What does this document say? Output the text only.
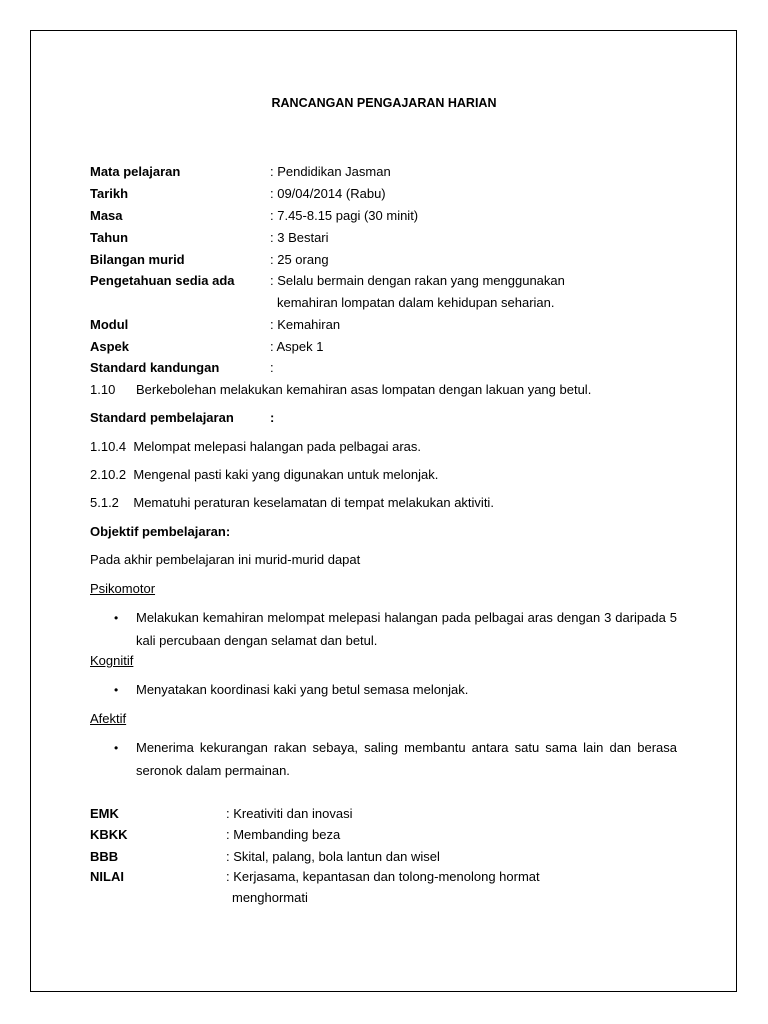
RANCANGAN PENGAJARAN HARIAN
Mata pelajaran	: Pendidikan Jasman
Tarikh	: 09/04/2014 (Rabu)
Masa	: 7.45-8.15 pagi (30 minit)
Tahun	: 3 Bestari
Bilangan murid	: 25 orang
Pengetahuan sedia ada	: Selalu bermain dengan rakan yang menggunakan
kemahiran lompatan dalam kehidupan seharian.
Modul	: Kemahiran
Aspek	: Aspek 1
Standard kandungan	:
1.10 Berkebolehan melakukan kemahiran asas lompatan dengan lakuan yang betul.
Standard pembelajaran	:
1.10.4  Melompat melepasi halangan pada pelbagai aras.
2.10.2  Mengenal pasti kaki yang digunakan untuk melonjak.
5.1.2    Mematuhi peraturan keselamatan di tempat melakukan aktiviti.
Objektif pembelajaran:
Pada akhir pembelajaran ini murid-murid dapat
Psikomotor
• Melakukan kemahiran melompat melepasi halangan pada pelbagai aras dengan 3 daripada 5 kali percubaan dengan selamat dan betul.
Kognitif
• Menyatakan koordinasi kaki yang betul semasa melonjak.
Afektif
• Menerima kekurangan rakan sebaya, saling membantu antara satu sama lain dan berasa seronok dalam permainan.
EMK	: Kreativiti dan inovasi
KBKK	: Membanding beza
BBB	: Skital, palang, bola lantun dan wisel
NILAI	: Kerjasama, kepantasan dan tolong-menolong hormat
menghormati
